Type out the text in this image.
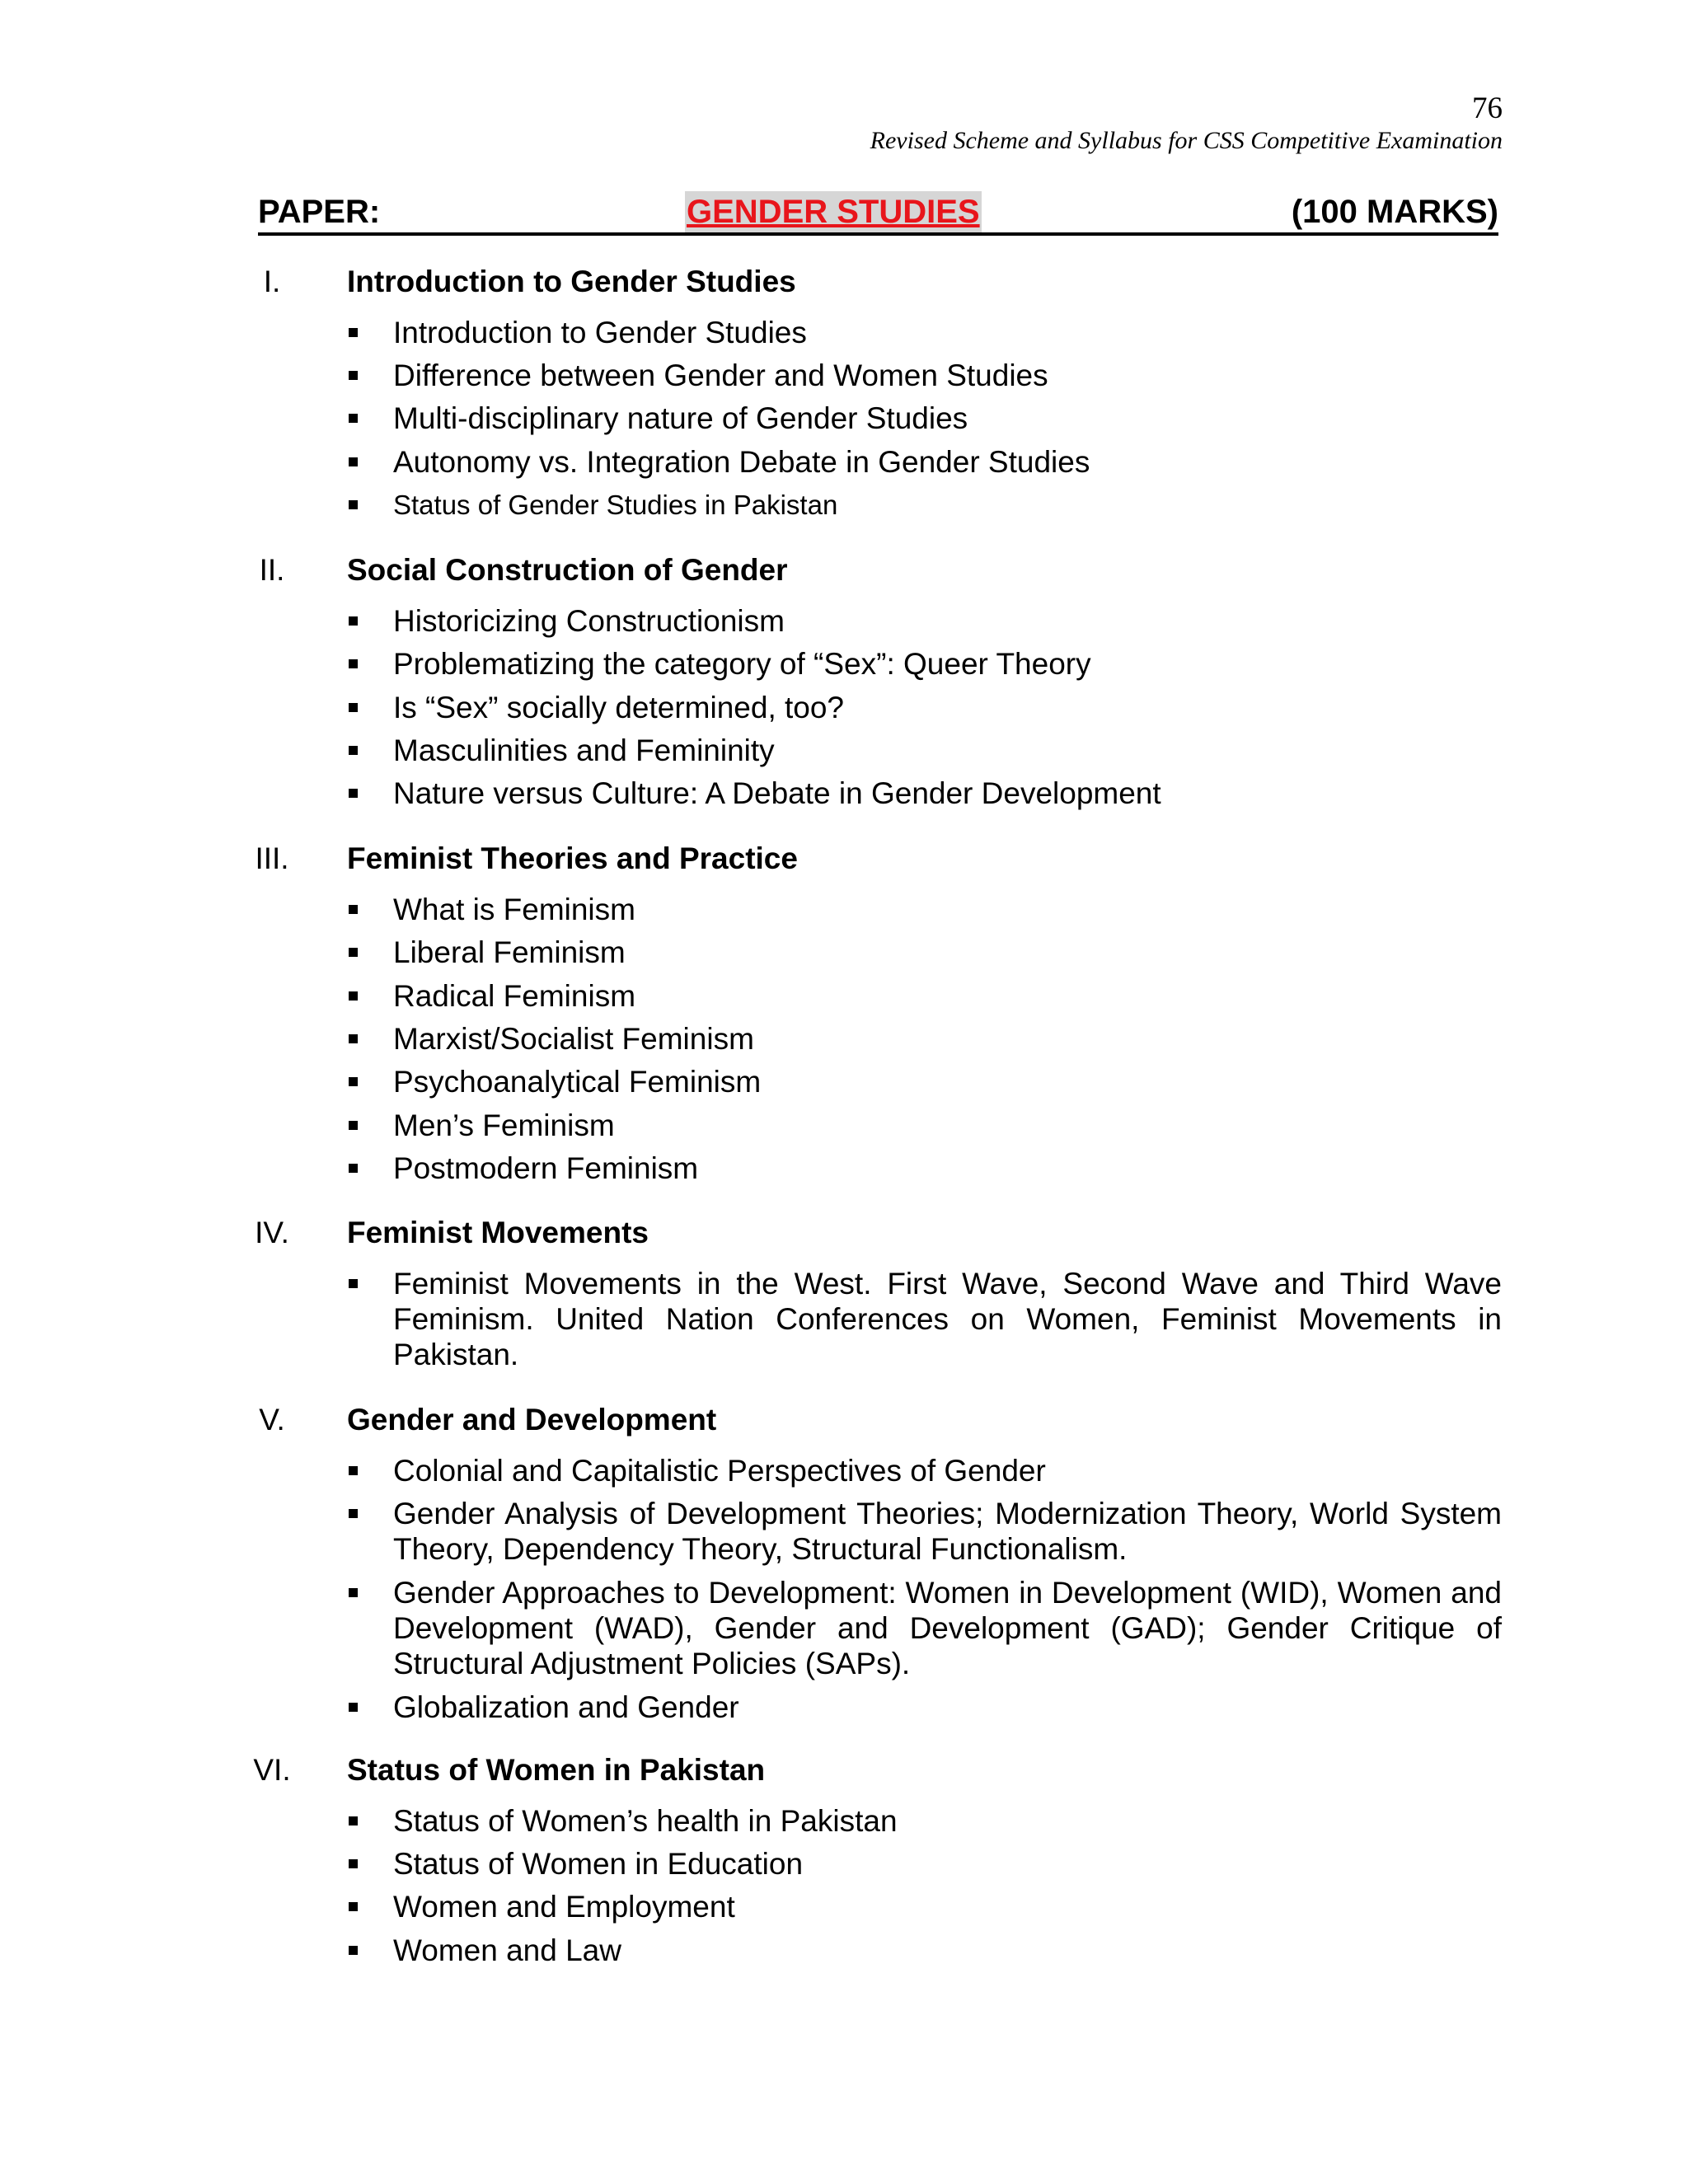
76
Revised Scheme and Syllabus for CSS Competitive Examination
PAPER:	GENDER STUDIES	(100 MARKS)
I.	Introduction to Gender Studies
Introduction to Gender Studies
Difference between Gender and Women Studies
Multi-disciplinary nature of Gender Studies
Autonomy vs. Integration Debate in Gender Studies
Status of Gender Studies in Pakistan
II.	Social Construction of Gender
Historicizing Constructionism
Problematizing the category of “Sex”: Queer Theory
Is “Sex” socially determined, too?
Masculinities and Femininity
Nature versus Culture: A Debate in Gender Development
III.	Feminist Theories and Practice
What is Feminism
Liberal Feminism
Radical Feminism
Marxist/Socialist Feminism
Psychoanalytical Feminism
Men’s Feminism
Postmodern Feminism
IV.	Feminist Movements
Feminist Movements in the West. First Wave, Second Wave and Third Wave Feminism. United Nation Conferences on Women, Feminist Movements in Pakistan.
V.	Gender and Development
Colonial and Capitalistic Perspectives of Gender
Gender Analysis of Development Theories; Modernization Theory, World System Theory, Dependency Theory, Structural Functionalism.
Gender Approaches to Development: Women in Development (WID), Women and Development (WAD), Gender and Development (GAD); Gender Critique of Structural Adjustment Policies (SAPs).
Globalization and Gender
VI.	Status of Women in Pakistan
Status of Women’s health in Pakistan
Status of Women in Education
Women and Employment
Women and Law
